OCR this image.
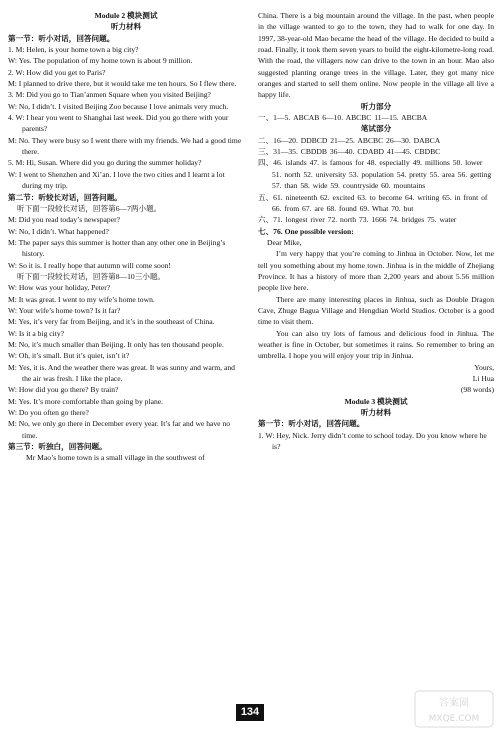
Module 2 模块测试
听力材料
第一节：听小对话，回答问题。
1. M: Helen, is your home town a big city?
W: Yes. The population of my home town is about 9 million.
2. W: How did you get to Paris?
M: I planned to drive there, but it would take me ten hours. So I flew there.
3. M: Did you go to Tian’anmen Square when you visited Beijing?
W: No, I didn’t. I visited Beijing Zoo because I love animals very much.
4. W: I hear you went to Shanghai last week. Did you go there with your parents?
M: No. They were busy so I went there with my friends. We had a good time there.
5. M: Hi, Susan. Where did you go during the summer holiday?
W: I went to Shenzhen and Xi’an. I love the two cities and I learnt a lot during my trip.
第二节：听较长对话，回答问题。
听下面一段较长对话，回答第6—7两小题。
M: Did you read today’s newspaper?
W: No, I didn’t. What happened?
M: The paper says this summer is hotter than any other one in Beijing’s history.
W: So it is. I really hope that autumn will come soon!
听下面一段较长对话，回答第8—10三小题。
W: How was your holiday, Peter?
M: It was great. I went to my wife’s home town.
W: Your wife’s home town? Is it far?
M: Yes, it’s very far from Beijing, and it’s in the southeast of China.
W: Is it a big city?
M: No, it’s much smaller than Beijing. It only has ten thousand people.
W: Oh, it’s small. But it’s quiet, isn’t it?
M: Yes, it is. And the weather there was great. It was sunny and warm, and the air was fresh. I like the place.
W: How did you go there? By train?
M: Yes. It’s more comfortable than going by plane.
W: Do you often go there?
M: No, we only go there in December every year. It’s far and we have no time.
第三节：听独白，回答问题。
Mr Mao’s home town is a small village in the southwest of
China. There is a big mountain around the village. In the past, when people in the village wanted to go to the town, they had to walk for one day. In 1997, 38-year-old Mao became the head of the village. He decided to build a road. Finally, it took them seven years to build the eight-kilometre-long road. With the road, the villagers now can drive to the town in an hour. Mao also suggested planting orange trees in the village. Later, they got many nice oranges and started to sell them online. Now people in the village all live a happy life.
听力部分
一、1—5. ABCAB 6—10. ABCBC 11—15. ABCBA
笔试部分
二、16—20. DDBCD 21—25. ABCBC 26—30. DABCA
三、31—35. CBDDB 36—40. CDABD 41—45. CBDBC
四、46. islands 47. is famous for 48. especially 49. millions 50. lower 51. north 52. university 53. population 54. pretty 55. area 56. getting 57. than 58. wide 59. countryside 60. mountains
五、61. nineteenth 62. excited 63. to become 64. writing 65. in front of 66. from 67. are 68. found 69. What 70. but
六、71. longest river 72. north 73. 1666 74. bridges 75. water
七、76. One possible version:
Dear Mike,
I’m very happy that you’re coming to Jinhua in October. Now, let me tell you something about my home town. Jinhua is in the middle of Zhejiang Province. It has a history of more than 2,200 years and about 5.56 million people live here.
There are many interesting places in Jinhua, such as Double Dragon Cave, Zhuge Bagua Village and Hengdian World Studios. October is a good time to visit them.
You can also try lots of famous and delicious food in Jinhua. The weather is fine in October, but sometimes it rains. So remember to bring an umbrella. I hope you will enjoy your trip in Jinhua.
Yours,
Li Hua
(98 words)
Module 3 模块测试
听力材料
第一节：听小对话，回答问题。
1. W: Hey, Nick. Jerry didn’t come to school today. Do you know where he is?
134
答案圈
MXQE.COM
